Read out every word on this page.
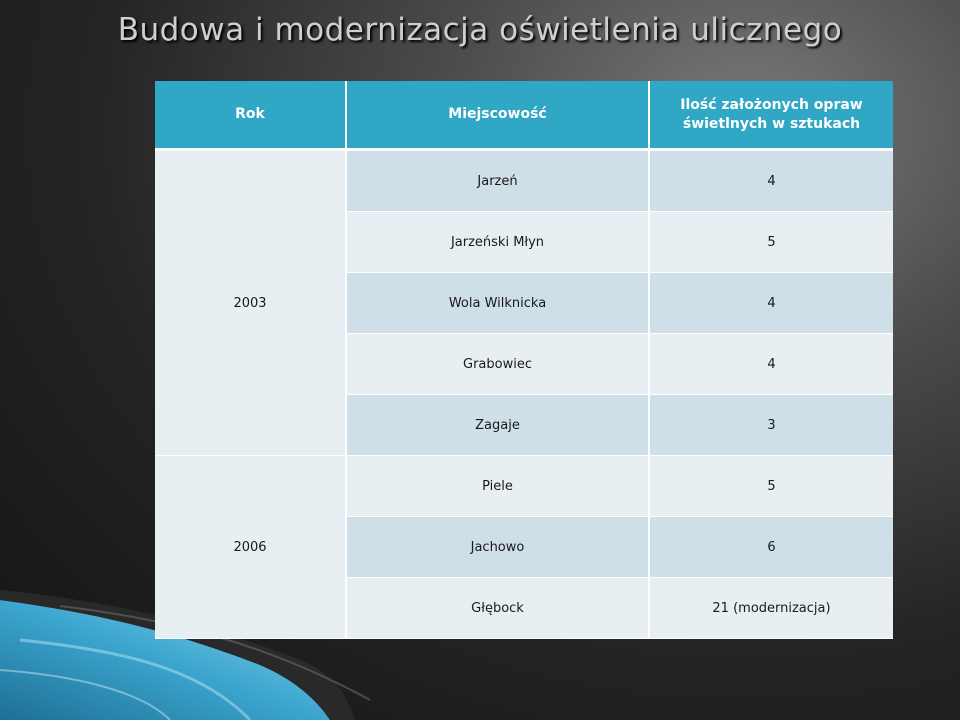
Budowa i modernizacja oświetlenia ulicznego
Rok	Miejscowość	Ilość założonych opraw świetlnych w sztukach
2003	Jarzeń	4
	Jarzeński Młyn	5
	Wola Wilknicka	4
	Grabowiec	4
	Zagaje	3
2006	Piele	5
	Jachowo	6
	Głębock	21 (modernizacja)
